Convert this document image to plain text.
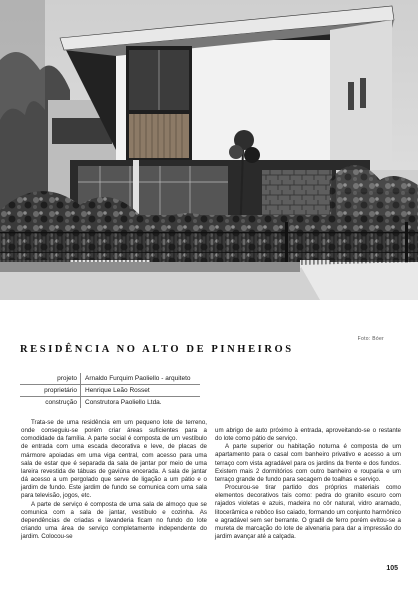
Foto: Bóer
RESIDÊNCIA NO ALTO DE PINHEIROS
projeto	Arnaldo Furquim Paoliello - arquiteto
proprietário	Henrique Leão Rosset
construção	Construtora Paoliello Ltda.

Trata-se de uma residência em um pequeno lote de terreno, onde conseguiu-se porém criar áreas suficientes para a comodidade da família. A parte social é composta de um vestíbulo de entrada com uma escada decorativa e leve, de placas de mármore apoiadas em uma viga central, com acesso para uma sala de estar que é separada da sala de jantar por meio de uma lareira revestida de tábuas de gaviúna encerada. A sala de jantar dá acesso a um pergolado que serve de ligação a um pátio e o jardim de fundo. Este jardim de fundo se comunica com uma sala para televisão, jogos, etc.

A parte de serviço é composta de uma sala de almoço que se comunica com a sala de jantar, vestíbulo e cozinha. As dependências de criadas e lavanderia ficam no fundo do lote criando uma área de serviço completamente independente do jardim. Colocou-se

um abrigo de auto próximo à entrada, aproveitando-se o restante do lote como pátio de serviço.

A parte superior ou habitação noturna é composta de um apartamento para o casal com banheiro privativo e acesso a um terraço com vista agradável para os jardins da frente e dos fundos. Existem mais 2 dormitórios com outro banheiro e rouparia e um terraço grande de fundo para secagem de toalhas e serviço.

Procurou-se tirar partido dos próprios materiais como elementos decorativos tais como: pedra do granito escuro com rajados violetas e azuis, madeira no côr natural, vidro aramado, litocerâmica e rebôco liso caiado, formando um conjunto harmônico e agradável sem ser berrante. O gradil de ferro porém evitou-se a mureta de marcação do lote de alvenaria para dar a impressão do jardim avançar até a calçada.

105
